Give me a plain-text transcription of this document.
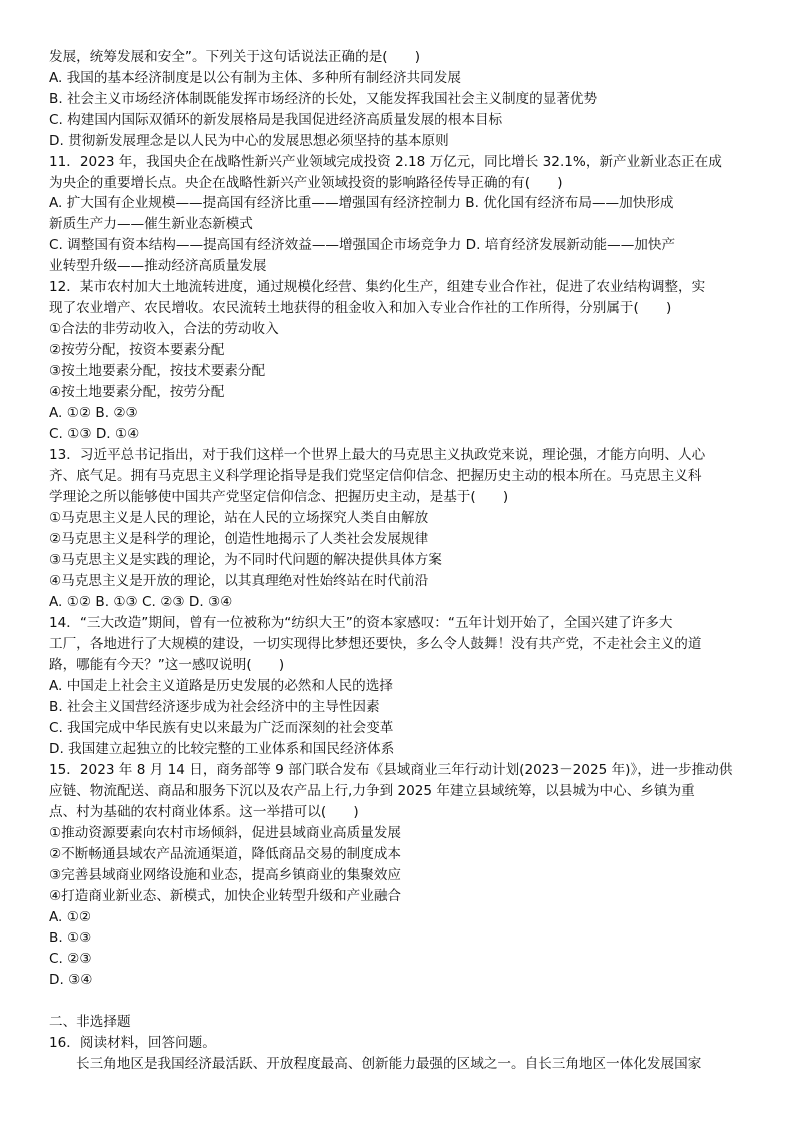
发展，统筹发展和安全”。下列关于这句话说法正确的是(　　)
A. 我国的基本经济制度是以公有制为主体、多种所有制经济共同发展
B. 社会主义市场经济体制既能发挥市场经济的长处，又能发挥我国社会主义制度的显著优势
C. 构建国内国际双循环的新发展格局是我国促进经济高质量发展的根本目标
D. 贯彻新发展理念是以人民为中心的发展思想必须坚持的基本原则
11．2023 年，我国央企在战略性新兴产业领域完成投资 2.18 万亿元，同比增长 32.1%，新产业新业态正在成
为央企的重要增长点。央企在战略性新兴产业领域投资的影响路径传导正确的有(　　)
A. 扩大国有企业规模——提高国有经济比重——增强国有经济控制力 B. 优化国有经济布局——加快形成
新质生产力——催生新业态新模式
C. 调整国有资本结构——提高国有经济效益——增强国企市场竞争力 D. 培育经济发展新动能——加快产
业转型升级——推动经济高质量发展
12．某市农村加大土地流转进度，通过规模化经营、集约化生产，组建专业合作社，促进了农业结构调整，实
现了农业增产、农民增收。农民流转土地获得的租金收入和加入专业合作社的工作所得，分别属于(　　)
①合法的非劳动收入，合法的劳动收入
②按劳分配，按资本要素分配
③按土地要素分配，按技术要素分配
④按土地要素分配，按劳分配
A. ①② B. ②③
C. ①③ D. ①④
13．习近平总书记指出，对于我们这样一个世界上最大的马克思主义执政党来说，理论强，才能方向明、人心
齐、底气足。拥有马克思主义科学理论指导是我们党坚定信仰信念、把握历史主动的根本所在。马克思主义科
学理论之所以能够使中国共产党坚定信仰信念、把握历史主动，是基于(　　)
①马克思主义是人民的理论，站在人民的立场探究人类自由解放
②马克思主义是科学的理论，创造性地揭示了人类社会发展规律
③马克思主义是实践的理论，为不同时代问题的解决提供具体方案
④马克思主义是开放的理论，以其真理绝对性始终站在时代前沿
A. ①② B. ①③ C. ②③ D. ③④
14．“三大改造”期间，曾有一位被称为“纺织大王”的资本家感叹：“五年计划开始了，全国兴建了许多大
工厂，各地进行了大规模的建设，一切实现得比梦想还要快，多么令人鼓舞！没有共产党，不走社会主义的道
路，哪能有今天？”这一感叹说明(　　)
A. 中国走上社会主义道路是历史发展的必然和人民的选择
B. 社会主义国营经济逐步成为社会经济中的主导性因素
C. 我国完成中华民族有史以来最为广泛而深刻的社会变革
D. 我国建立起独立的比较完整的工业体系和国民经济体系
15．2023 年 8 月 14 日，商务部等 9 部门联合发布《县域商业三年行动计划(2023－2025 年)》，进一步推动供
应链、物流配送、商品和服务下沉以及农产品上行,力争到 2025 年建立县域统筹，以县城为中心、乡镇为重
点、村为基础的农村商业体系。这一举措可以(　　)
①推动资源要素向农村市场倾斜，促进县域商业高质量发展
②不断畅通县域农产品流通渠道，降低商品交易的制度成本
③完善县域商业网络设施和业态，提高乡镇商业的集聚效应
④打造商业新业态、新模式，加快企业转型升级和产业融合
A. ①②
B. ①③
C. ②③
D. ③④
二、非选择题
16．阅读材料，回答问题。
长三角地区是我国经济最活跃、开放程度最高、创新能力最强的区域之一。自长三角地区一体化发展国家
